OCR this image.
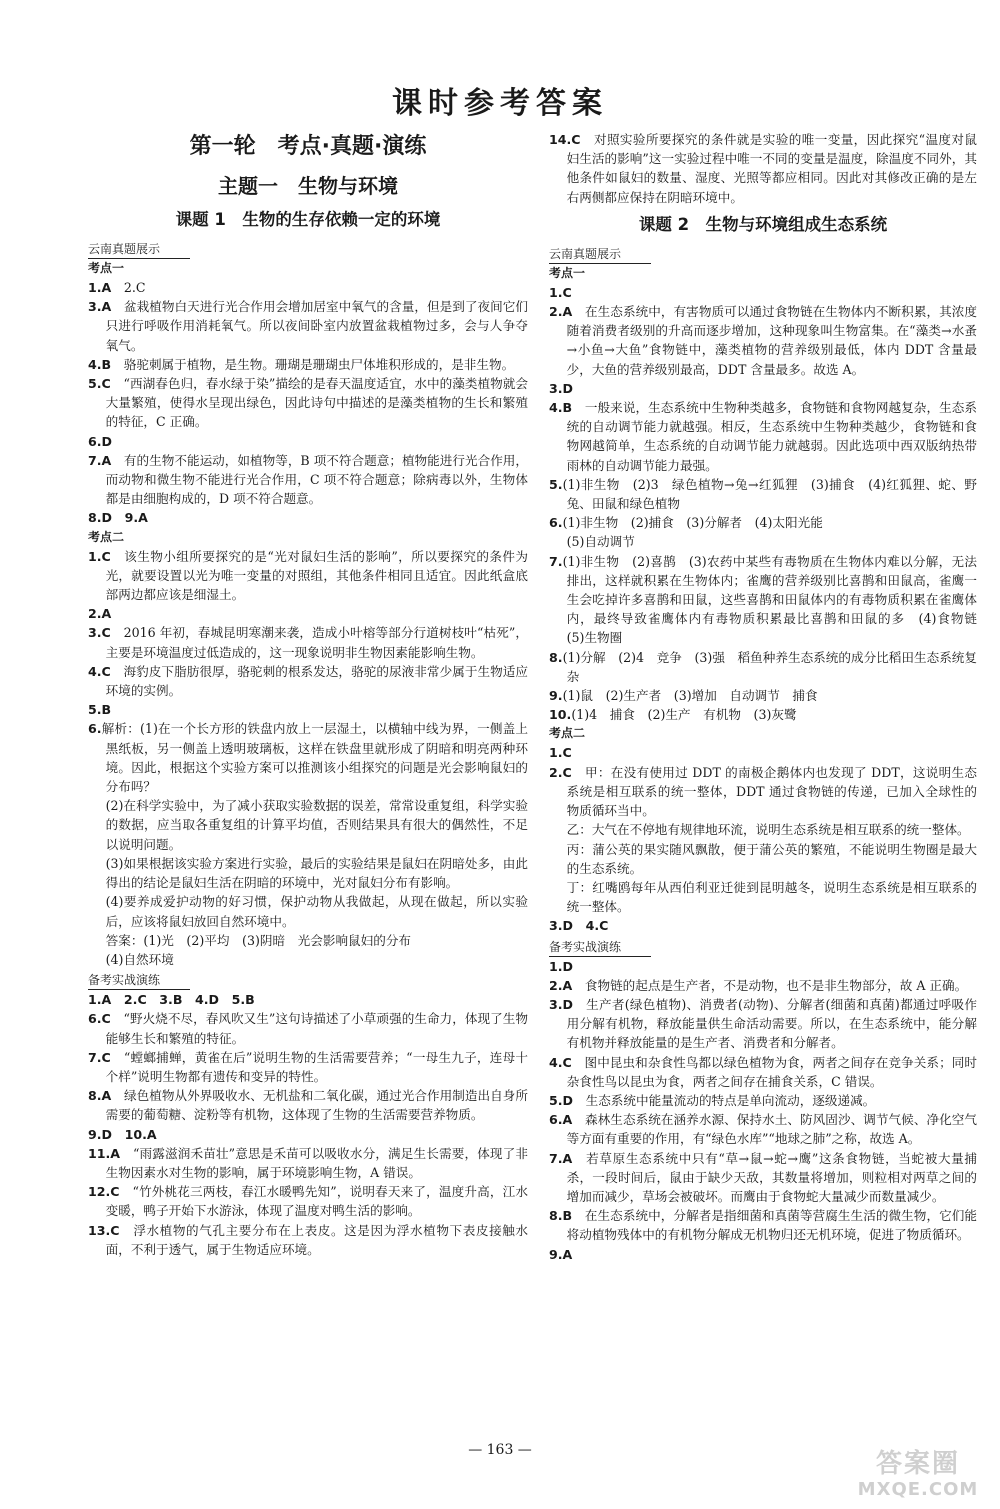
课时参考答案
第一轮　考点·真题·演练
主题一　生物与环境
课题 1　生物的生存依赖一定的环境
云南真题展示
考点一

1.A　 2.C

3.A　 盆栽植物白天进行光合作用会增加居室中氧气的含量，但是到了夜间它们只进行呼吸作用消耗氧气。所以夜间卧室内放置盆栽植物过多，会与人争夺氧气。

4.B　 骆驼刺属于植物，是生物。珊瑚是珊瑚虫尸体堆积形成的，是非生物。

5.C　 “西湖春色归，春水绿于染”描绘的是春天温度适宜，水中的藻类植物就会大量繁殖，使得水呈现出绿色，因此诗句中描述的是藻类植物的生长和繁殖的特征，C 正确。

6.D

7.A　 有的生物不能运动，如植物等，B 项不符合题意；植物能进行光合作用，而动物和微生物不能进行光合作用，C 项不符合题意；除病毒以外，生物体都是由细胞构成的，D 项不符合题意。

8.D　 9.A

考点二

1.C　 该生物小组所要探究的是“光对鼠妇生活的影响”，所以要探究的条件为光，就要设置以光为唯一变量的对照组，其他条件相同且适宜。因此纸盒底部两边都应该是细湿土。

2.A

3.C　 2016 年初，春城昆明寒潮来袭，造成小叶榕等部分行道树枝叶“枯死”，主要是环境温度过低造成的，这一现象说明非生物因素能影响生物。

4.C　 海豹皮下脂肪很厚，骆驼刺的根系发达，骆驼的尿液非常少属于生物适应环境的实例。

5.B

6.解析：(1)在一个长方形的铁盘内放上一层湿土，以横轴中线为界，一侧盖上黑纸板，另一侧盖上透明玻璃板，这样在铁盘里就形成了阴暗和明亮两种环境。因此，根据这个实验方案可以推测该小组探究的问题是光会影响鼠妇的分布吗？

(2)在科学实验中，为了减小获取实验数据的误差，常常设重复组，科学实验的数据，应当取各重复组的计算平均值，否则结果具有很大的偶然性，不足以说明问题。

(3)如果根据该实验方案进行实验，最后的实验结果是鼠妇在阴暗处多，由此得出的结论是鼠妇生活在阴暗的环境中，光对鼠妇分布有影响。

(4)要养成爱护动物的好习惯，保护动物从我做起，从现在做起，所以实验后，应该将鼠妇放回自然环境中。

答案：(1)光　(2)平均　(3)阴暗　光会影响鼠妇的分布

(4)自然环境

备考实战演练

1.A　 2.C　3.B　4.D　5.B

6.C　 “野火烧不尽，春风吹又生”这句诗描述了小草顽强的生命力，体现了生物能够生长和繁殖的特征。

7.C　 “螳螂捕蝉，黄雀在后”说明生物的生活需要营养；“一母生九子，连母十个样”说明生物都有遗传和变异的特性。

8.A　 绿色植物从外界吸收水、无机盐和二氧化碳，通过光合作用制造出自身所需要的葡萄糖、淀粉等有机物，这体现了生物的生活需要营养物质。

9.D　 10.A

11.A　 “雨露滋润禾苗壮”意思是禾苗可以吸收水分，满足生长需要，体现了非生物因素水对生物的影响，属于环境影响生物，A 错误。

12.C　 “竹外桃花三两枝，春江水暖鸭先知”，说明春天来了，温度升高，江水变暖，鸭子开始下水游泳，体现了温度对鸭生活的影响。

13.C　 浮水植物的气孔主要分布在上表皮。这是因为浮水植物下表皮接触水面，不利于透气，属于生物适应环境。

14.C　 对照实验所要探究的条件就是实验的唯一变量，因此探究“温度对鼠妇生活的影响”这一实验过程中唯一不同的变量是温度，除温度不同外，其他条件如鼠妇的数量、湿度、光照等都应相同。因此对其修改正确的是左右两侧都应保持在阴暗环境中。

课题 2　生物与环境组成生态系统
云南真题展示
考点一

1.C

2.A　 在生态系统中，有害物质可以通过食物链在生物体内不断积累，其浓度随着消费者级别的升高而逐步增加，这种现象叫生物富集。在“藻类→水蚤→小鱼→大鱼”食物链中，藻类植物的营养级别最低，体内 DDT 含量最少，大鱼的营养级别最高，DDT 含量最多。故选 A。

3.D

4.B　 一般来说，生态系统中生物种类越多，食物链和食物网越复杂，生态系统的自动调节能力就越强。相反，生态系统中生物种类越少，食物链和食物网越简单，生态系统的自动调节能力就越弱。因此选项中西双版纳热带雨林的自动调节能力最强。

5.(1)非生物　(2)3　绿色植物→兔→红狐狸　(3)捕食　(4)红狐狸、蛇、野兔、田鼠和绿色植物

6.(1)非生物　(2)捕食　(3)分解者　(4)太阳光能

(5)自动调节

7.(1)非生物　(2)喜鹊　(3)农药中某些有毒物质在生物体内难以分解，无法排出，这样就积累在生物体内；雀鹰的营养级别比喜鹊和田鼠高，雀鹰一生会吃掉许多喜鹊和田鼠，这些喜鹊和田鼠体内的有毒物质积累在雀鹰体内，最终导致雀鹰体内有毒物质积累最比喜鹊和田鼠的多　(4)食物链　(5)生物圈

8.(1)分解　(2)4　竞争　(3)强　稻鱼种养生态系统的成分比稻田生态系统复杂

9.(1)鼠　(2)生产者　(3)增加　自动调节　捕食

10.(1)4　捕食　(2)生产　有机物　(3)灰鹭

考点二

1.C

2.C　 甲：在没有使用过 DDT 的南极企鹅体内也发现了 DDT，这说明生态系统是相互联系的统一整体，DDT 通过食物链的传递，已加入全球性的物质循环当中。

乙：大气在不停地有规律地环流，说明生态系统是相互联系的统一整体。

丙：蒲公英的果实随风飘散，便于蒲公英的繁殖，不能说明生物圈是最大的生态系统。

丁：红嘴鸥每年从西伯利亚迁徙到昆明越冬，说明生态系统是相互联系的统一整体。

3.D　 4.C

备考实战演练

1.D

2.A　 食物链的起点是生产者，不是动物，也不是非生物部分，故 A 正确。

3.D　 生产者(绿色植物)、消费者(动物)、分解者(细菌和真菌)都通过呼吸作用分解有机物，释放能量供生命活动需要。所以，在生态系统中，能分解有机物并释放能量的是生产者、消费者和分解者。

4.C　 图中昆虫和杂食性鸟都以绿色植物为食，两者之间存在竞争关系；同时杂食性鸟以昆虫为食，两者之间存在捕食关系，C 错误。

5.D　 生态系统中能量流动的特点是单向流动，逐级递减。

6.A　 森林生态系统在涵养水源、保持水土、防风固沙、调节气候、净化空气等方面有重要的作用，有“绿色水库”“地球之肺”之称，故选 A。

7.A　 若草原生态系统中只有“草→鼠→蛇→鹰”这条食物链，当蛇被大量捕杀，一段时间后，鼠由于缺少天敌，其数量将增加，则粒相对两草之间的增加而减少，草场会被破坏。而鹰由于食物蛇大量减少而数量减少。

8.B　 在生态系统中，分解者是指细菌和真菌等营腐生生活的微生物，它们能将动植物残体中的有机物分解成无机物归还无机环境，促进了物质循环。

9.A

— 163 —	答案圈
MXQE.COM
